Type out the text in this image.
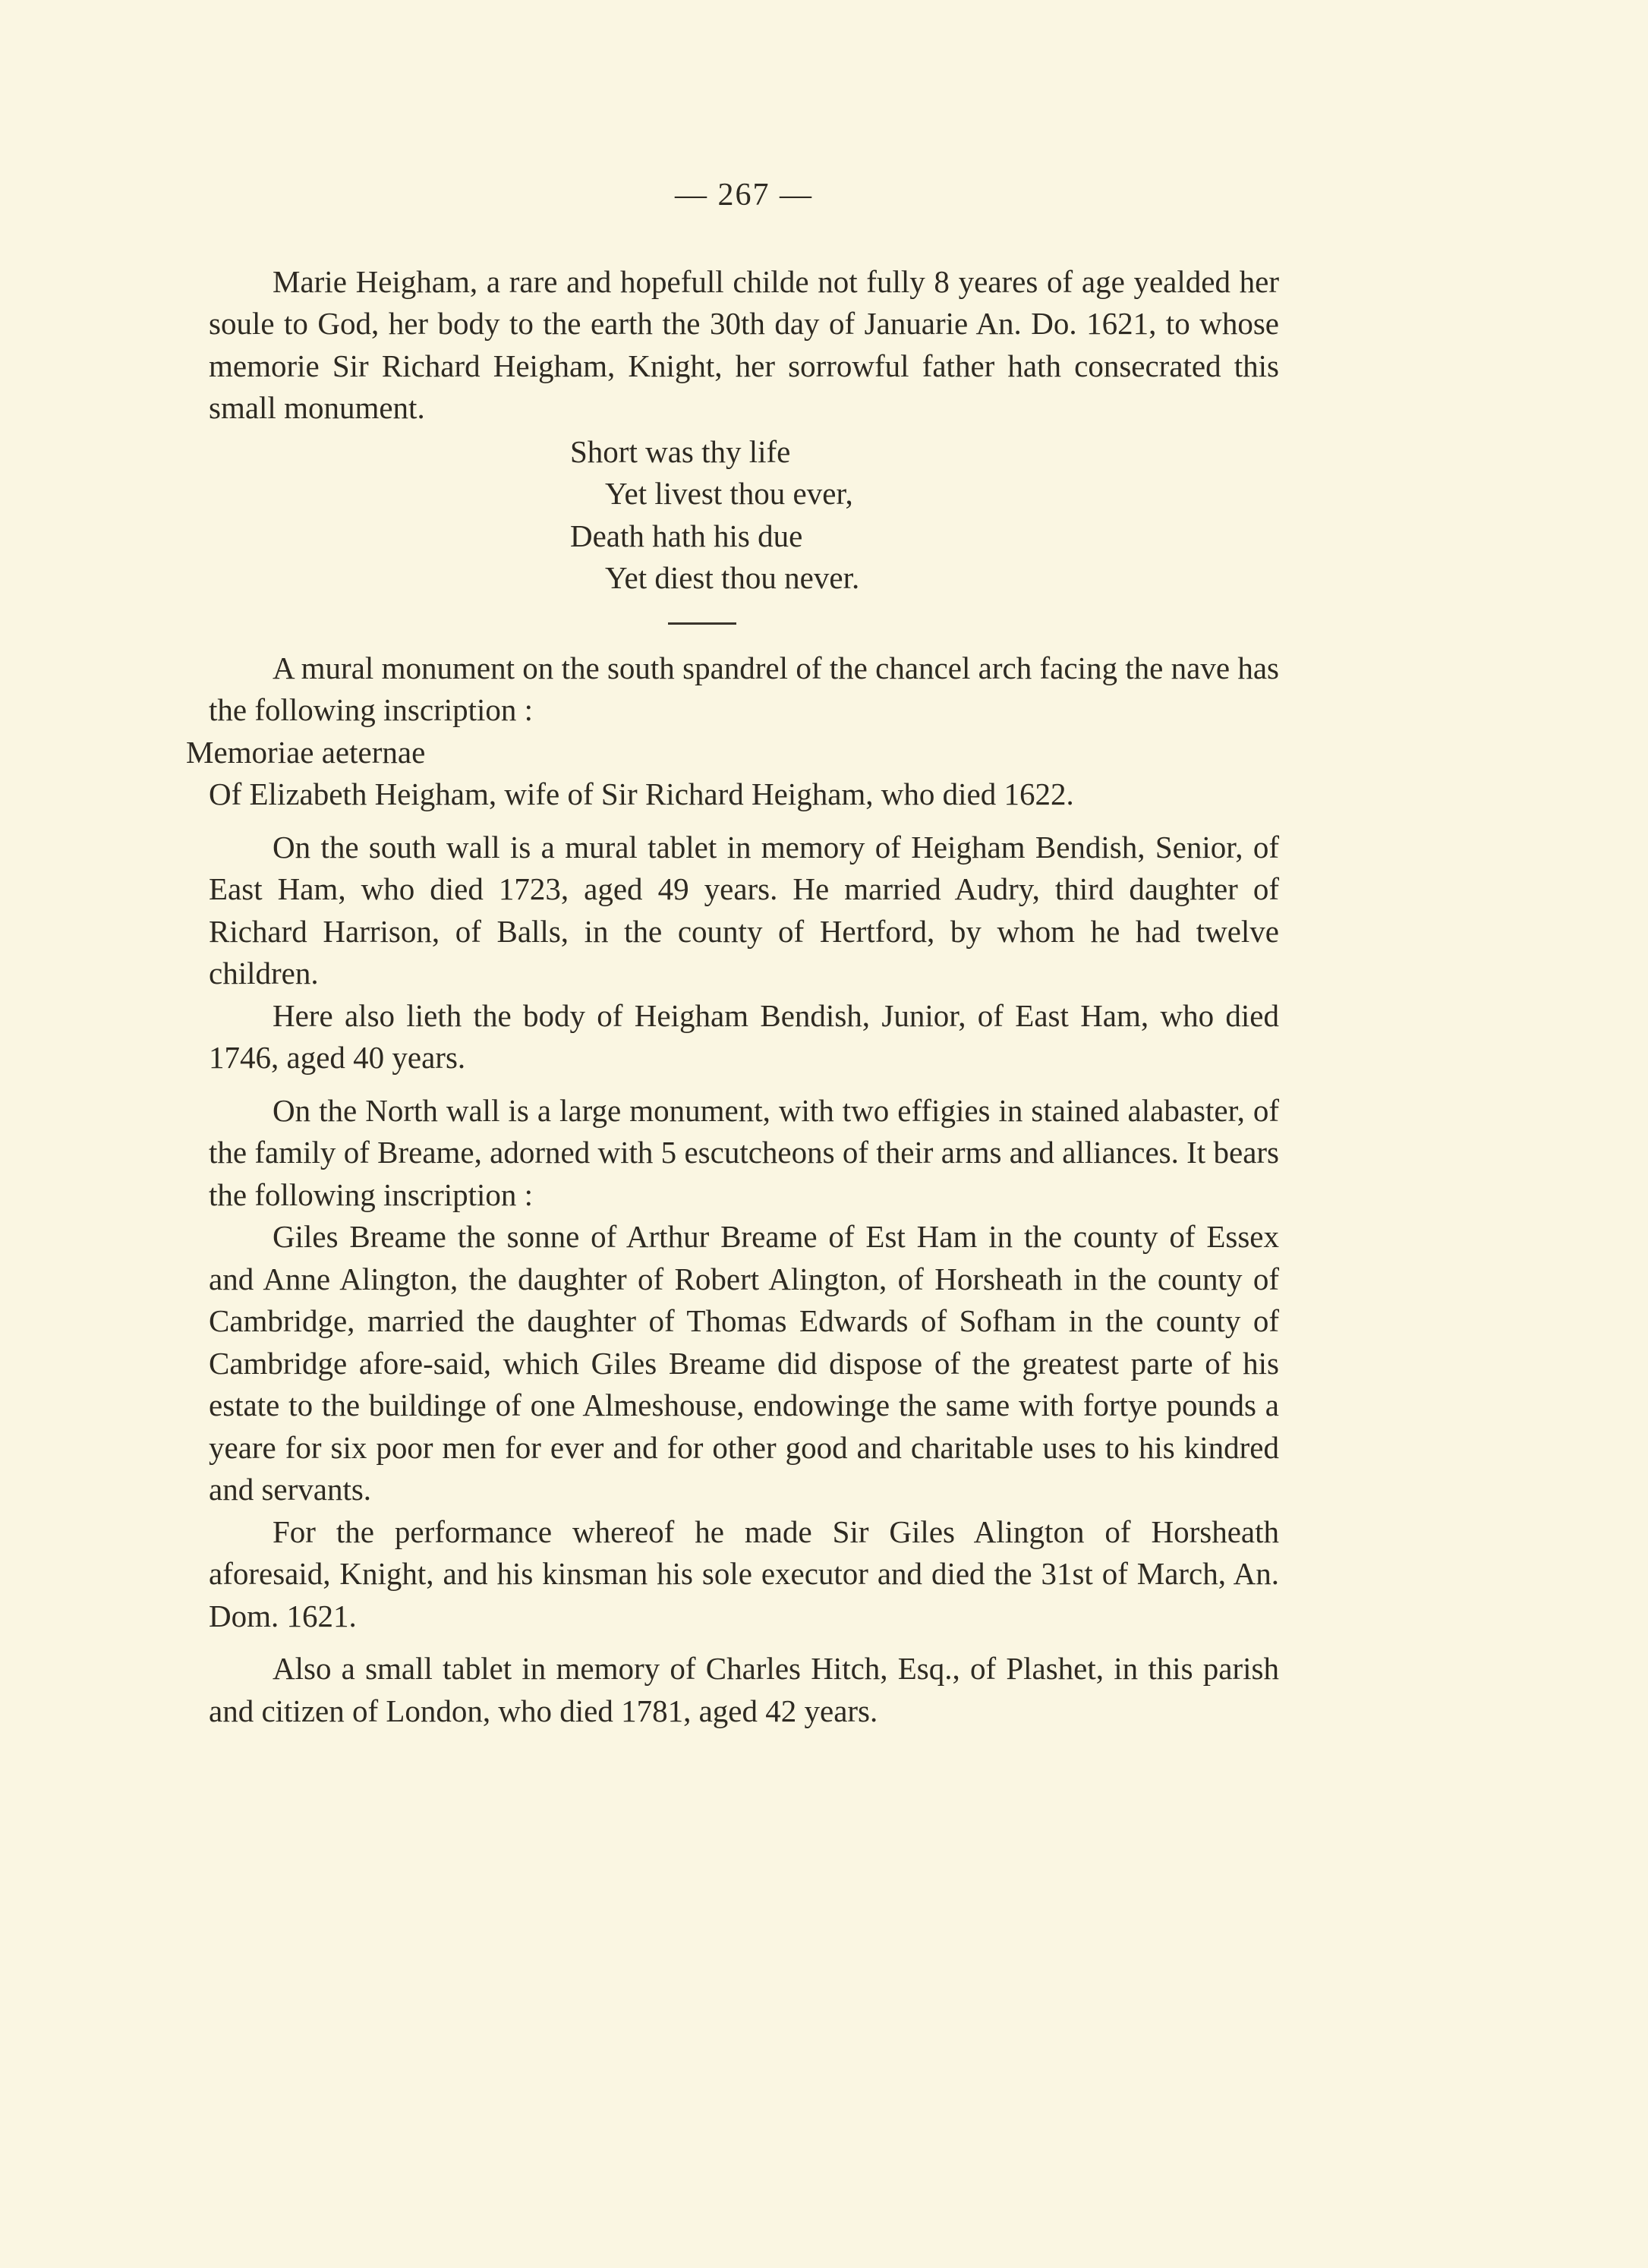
— 267 —

Marie Heigham, a rare and hopefull childe not fully 8 yeares of age yealded her soule to God, her body to the earth the 30th day of Januarie An. Do. 1621, to whose memorie Sir Richard Heigham, Knight, her sorrowful father hath consecrated this small monument.

Short was thy life
Yet livest thou ever,
Death hath his due
Yet diest thou never.

A mural monument on the south spandrel of the chancel arch facing the nave has the following inscription :

Memoriae aeternae

Of Elizabeth Heigham, wife of Sir Richard Heigham, who died 1622.

On the south wall is a mural tablet in memory of Heigham Bendish, Senior, of East Ham, who died 1723, aged 49 years. He married Audry, third daughter of Richard Harrison, of Balls, in the county of Hertford, by whom he had twelve children.

Here also lieth the body of Heigham Bendish, Junior, of East Ham, who died 1746, aged 40 years.

On the North wall is a large monument, with two effigies in stained alabaster, of the family of Breame, adorned with 5 escutcheons of their arms and alliances. It bears the following inscription :

Giles Breame the sonne of Arthur Breame of Est Ham in the county of Essex and Anne Alington, the daughter of Robert Alington, of Horsheath in the county of Cambridge, married the daughter of Thomas Edwards of Sofham in the county of Cambridge afore-said, which Giles Breame did dispose of the greatest parte of his estate to the buildinge of one Almeshouse, endowinge the same with fortye pounds a yeare for six poor men for ever and for other good and charitable uses to his kindred and servants.

For the performance whereof he made Sir Giles Alington of Horsheath aforesaid, Knight, and his kinsman his sole executor and died the 31st of March, An. Dom. 1621.

Also a small tablet in memory of Charles Hitch, Esq., of Plashet, in this parish and citizen of London, who died 1781, aged 42 years.
